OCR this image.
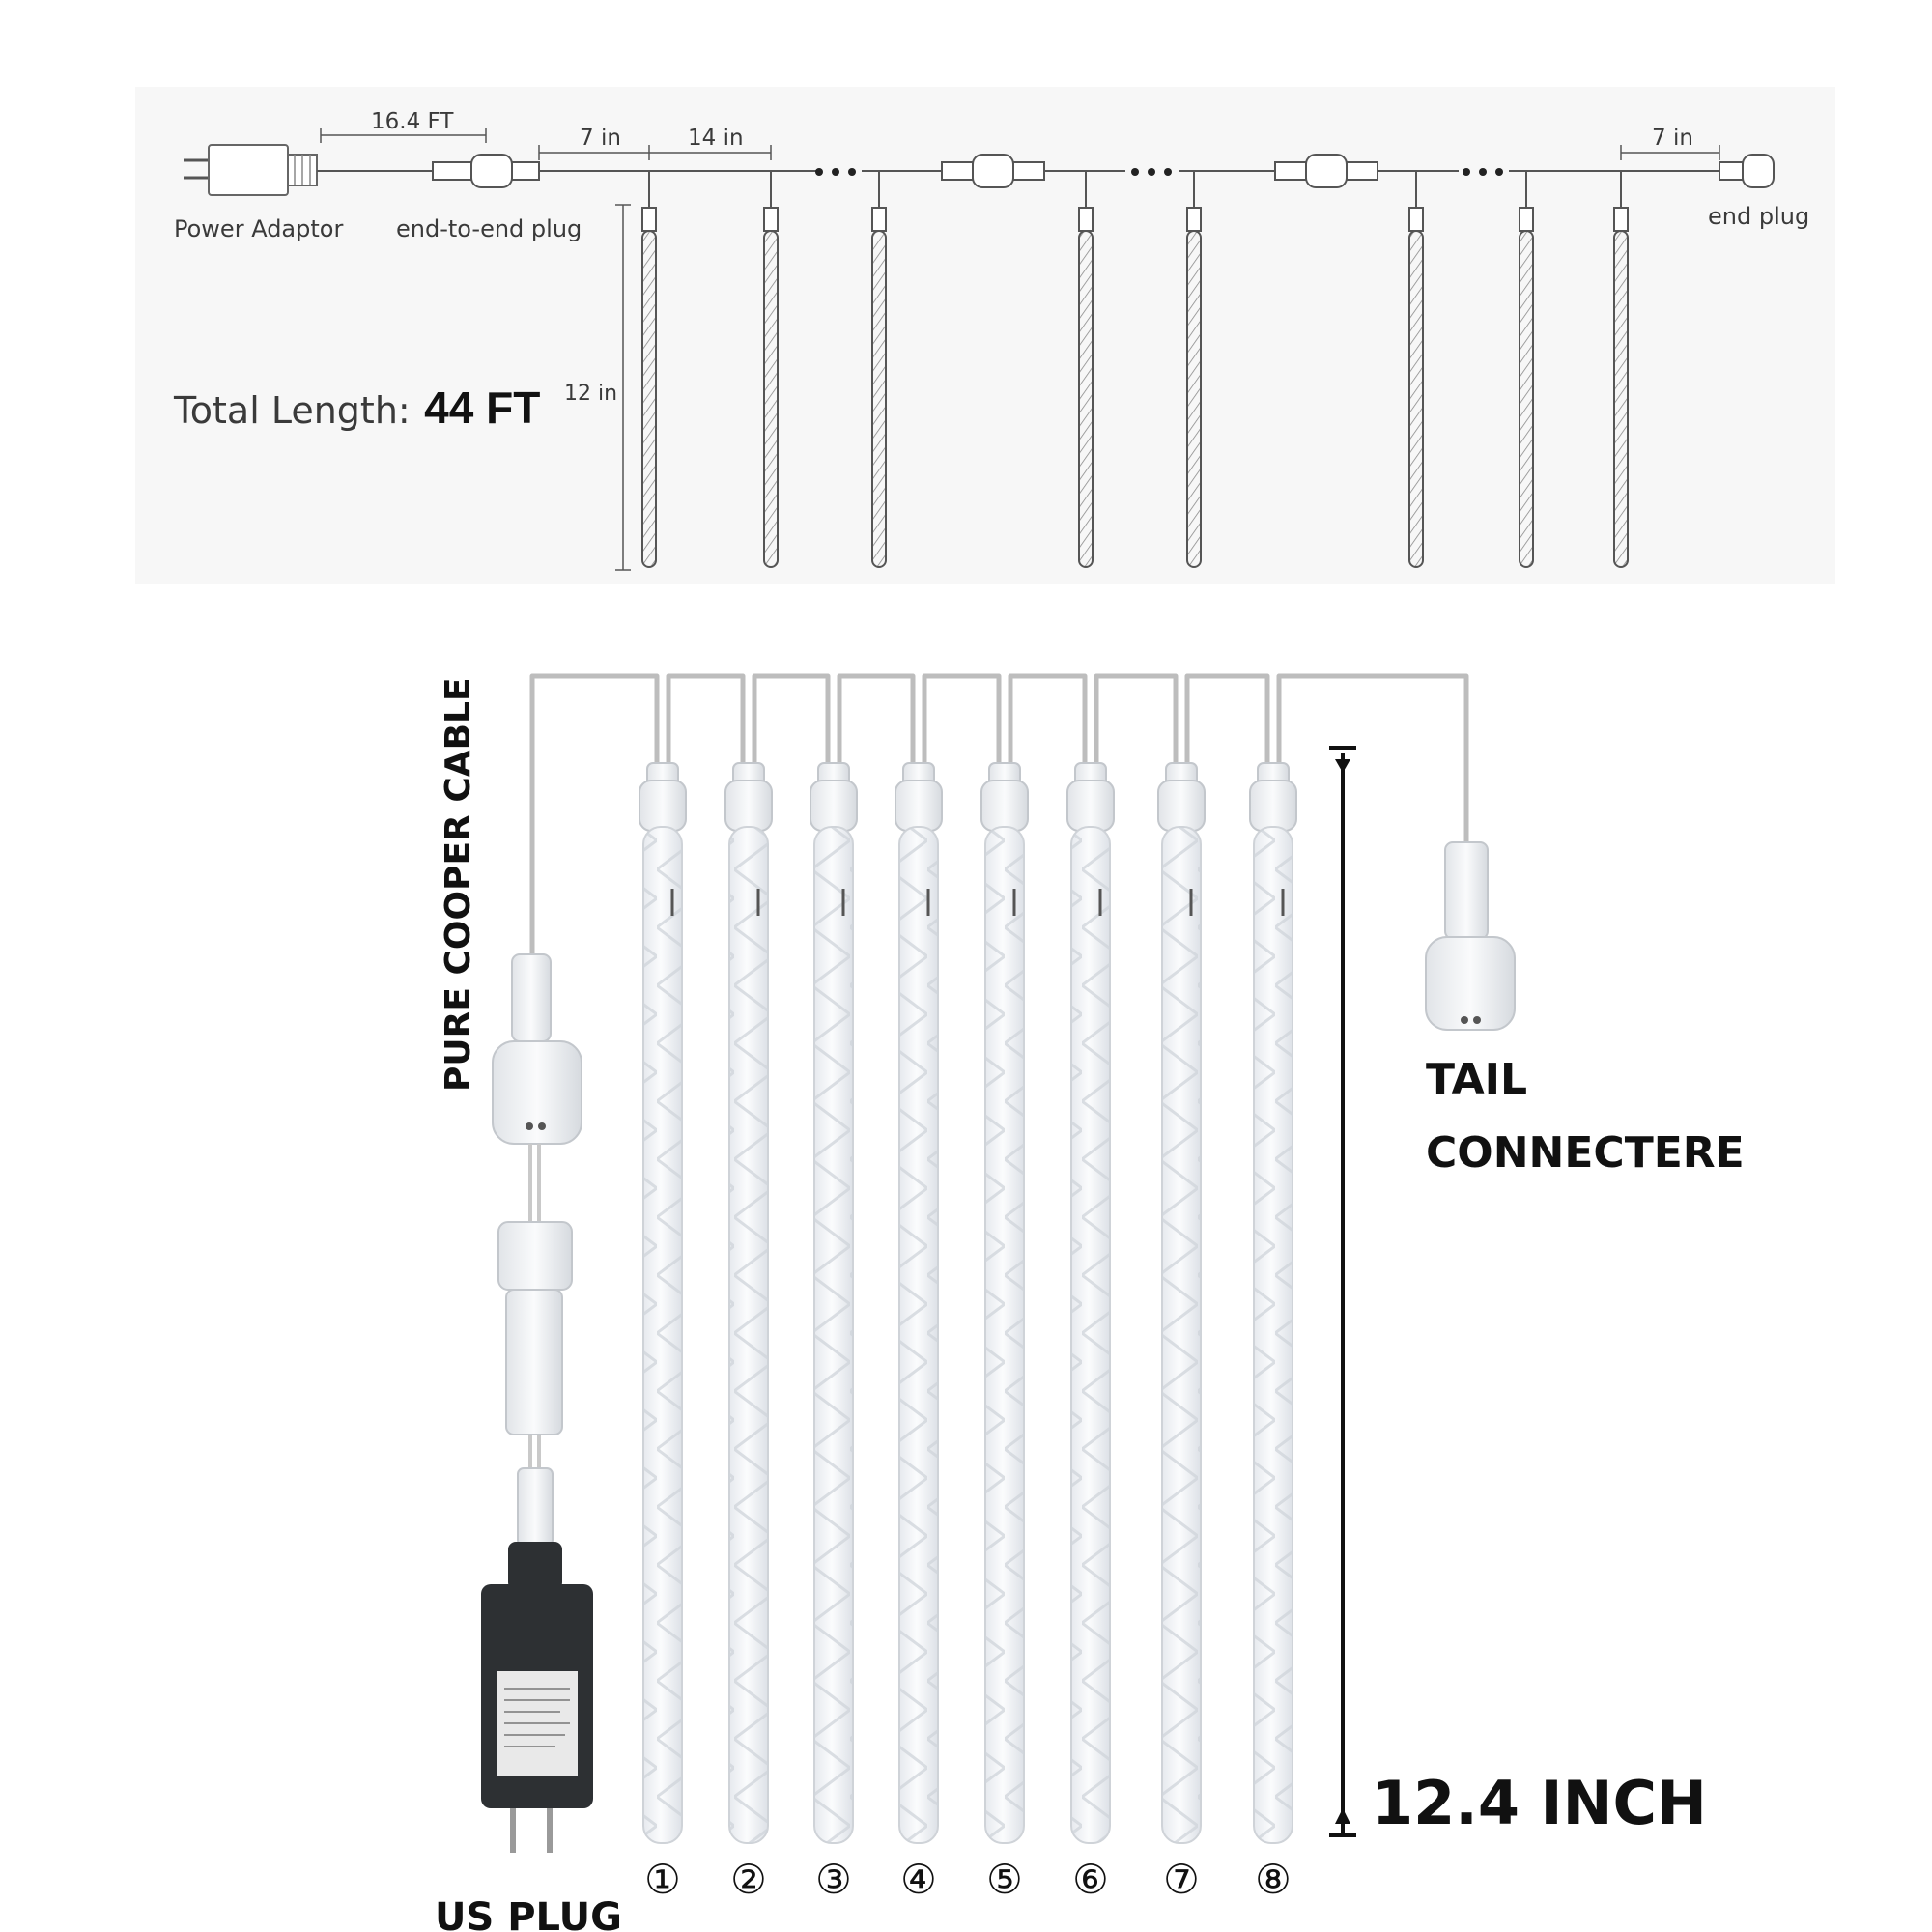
Power Adaptor
16.4 FT
end-to-end plug
7 in	14 in	7 in
end plug
12 in
Total Length: 44 FT
① ② ③ ④ ⑤ ⑥ ⑦ ⑧
PURE COOPER CABLE	TAIL
CONNECTERE
US PLUG
12.4 INCH
